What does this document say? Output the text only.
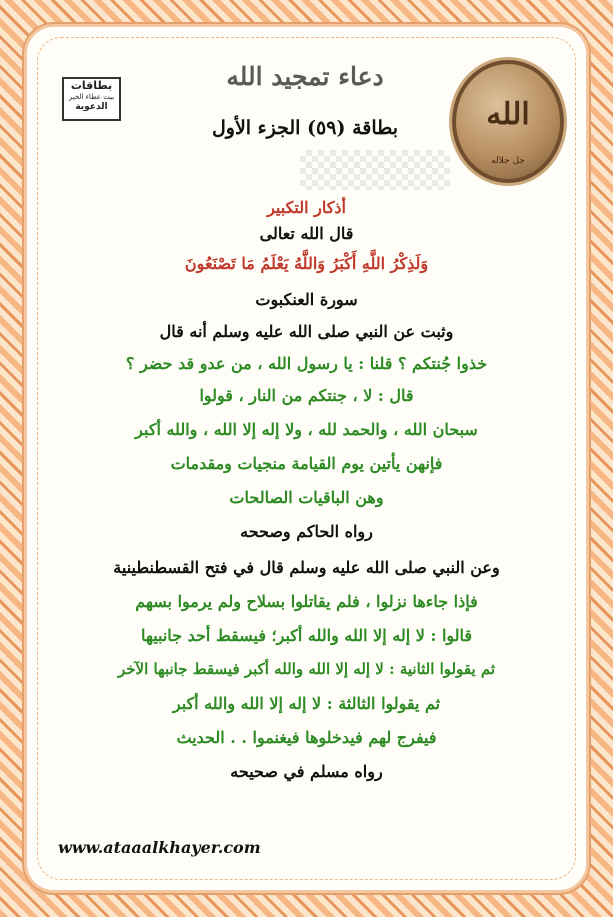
الله
جل جلاله
بطاقات
بيت عطاء الخير
الدعوية
دعاء تمجيد الله
بطاقة (٥٩) الجزء الأول

أذكار التكبير

قال الله تعالى

وَلَذِكْرُ اللَّهِ أَكْبَرُ وَاللَّهُ يَعْلَمُ مَا تَصْنَعُونَ

سورة العنكبوت

وثبت عن النبي صلى الله عليه وسلم أنه قال

خذوا جُنتكم ؟ قلنا : يا رسول الله ، من عدو قد حضر ؟

قال : لا ، جنتكم من النار ، قولوا

سبحان الله ، والحمد لله ، ولا إله إلا الله ، والله أكبر

فإنهن يأتين يوم القيامة منجيات ومقدمات

وهن الباقيات الصالحات

رواه الحاكم وصححه

وعن النبي صلى الله عليه وسلم قال في فتح القسطنطينية

فإذا جاءها نزلوا ، فلم يقاتلوا بسلاح ولم يرموا بسهم

قالوا : لا إله إلا الله والله أكبر؛ فيسقط أحد جانبيها

ثم يقولوا الثانية : لا إله إلا الله والله أكبر فيسقط جانبها الآخر

ثم يقولوا الثالثة : لا إله إلا الله والله أكبر

فيفرج لهم فيدخلوها فيغنموا . . الحديث

رواه مسلم في صحيحه

www.ataaalkhayer.com
